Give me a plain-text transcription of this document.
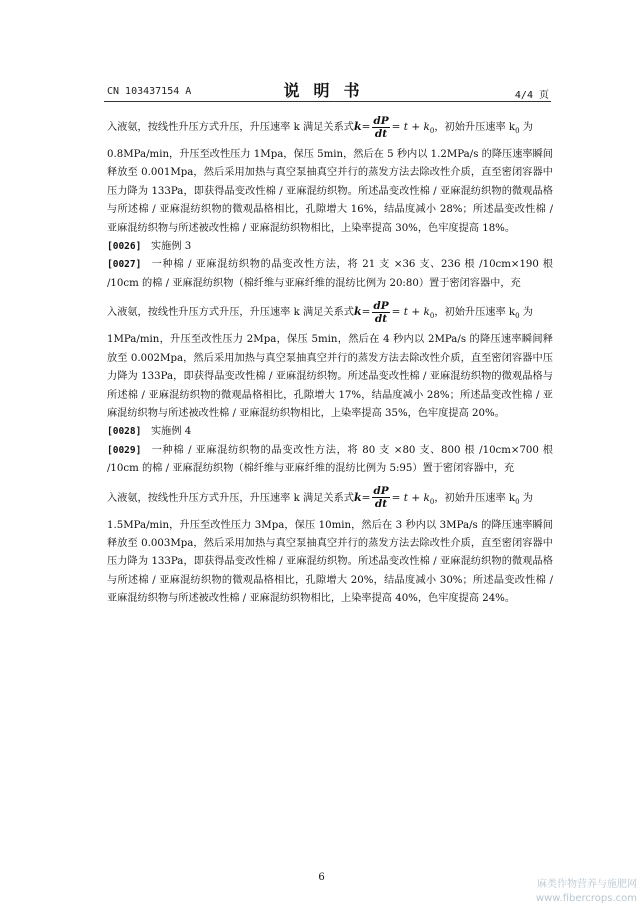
CN 103437154 A	说明书	4/4 页
入液氨，按线性升压方式升压，升压速率 k 满足关系式$k= \frac{dP}{dt} = t + k_0$，初始升压速率 $k_0$ 为

0.8MPa/min，升压至改性压力 1Mpa，保压 5min，然后在 5 秒内以 1.2MPa/s 的降压速率瞬间释放至 0.001Mpa，然后采用加热与真空泵抽真空并行的蒸发方法去除改性介质，直至密闭容器中压力降为 133Pa，即获得晶变改性棉 / 亚麻混纺织物。所述晶变改性棉 / 亚麻混纺织物的微观晶格与所述棉 / 亚麻混纺织物的微观晶格相比，孔隙增大 16%，结晶度减小 28%；所述晶变改性棉 / 亚麻混纺织物与所述被改性棉 / 亚麻混纺织物相比，上染率提高 30%，色牢度提高 18%。

[0026] 实施例 3
[0027] 一种棉 / 亚麻混纺织物的晶变改性方法，将 21 支 ×36 支、236 根 /10cm×190 根 /10cm 的棉 / 亚麻混纺织物（棉纤维与亚麻纤维的混纺比例为 20:80）置于密闭容器中，充
入液氨，按线性升压方式升压，升压速率 k 满足关系式$k= \frac{dP}{dt} = t + k_0$，初始升压速率 $k_0$ 为

1MPa/min，升压至改性压力 2Mpa，保压 5min，然后在 4 秒内以 2MPa/s 的降压速率瞬间释放至 0.002Mpa，然后采用加热与真空泵抽真空并行的蒸发方法去除改性介质，直至密闭容器中压力降为 133Pa，即获得晶变改性棉 / 亚麻混纺织物。所述晶变改性棉 / 亚麻混纺织物的微观晶格与所述棉 / 亚麻混纺织物的微观晶格相比，孔隙增大 17%，结晶度减小 28%；所述晶变改性棉 / 亚麻混纺织物与所述被改性棉 / 亚麻混纺织物相比，上染率提高 35%，色牢度提高 20%。

[0028] 实施例 4
[0029] 一种棉 / 亚麻混纺织物的晶变改性方法，将 80 支 ×80 支、800 根 /10cm×700 根 /10cm 的棉 / 亚麻混纺织物（棉纤维与亚麻纤维的混纺比例为 5:95）置于密闭容器中，充
入液氨，按线性升压方式升压，升压速率 k 满足关系式$k= \frac{dP}{dt} = t + k_0$，初始升压速率 $k_0$ 为

1.5MPa/min，升压至改性压力 3Mpa，保压 10min，然后在 3 秒内以 3MPa/s 的降压速率瞬间释放至 0.003Mpa，然后采用加热与真空泵抽真空并行的蒸发方法去除改性介质，直至密闭容器中压力降为 133Pa，即获得晶变改性棉 / 亚麻混纺织物。所述晶变改性棉 / 亚麻混纺织物的微观晶格与所述棉 / 亚麻混纺织物的微观晶格相比，孔隙增大 20%，结晶度减小 30%；所述晶变改性棉 / 亚麻混纺织物与所述被改性棉 / 亚麻混纺织物相比，上染率提高 40%，色牢度提高 24%。

6
麻类作物营养与施肥网
www.fibercrops.com
